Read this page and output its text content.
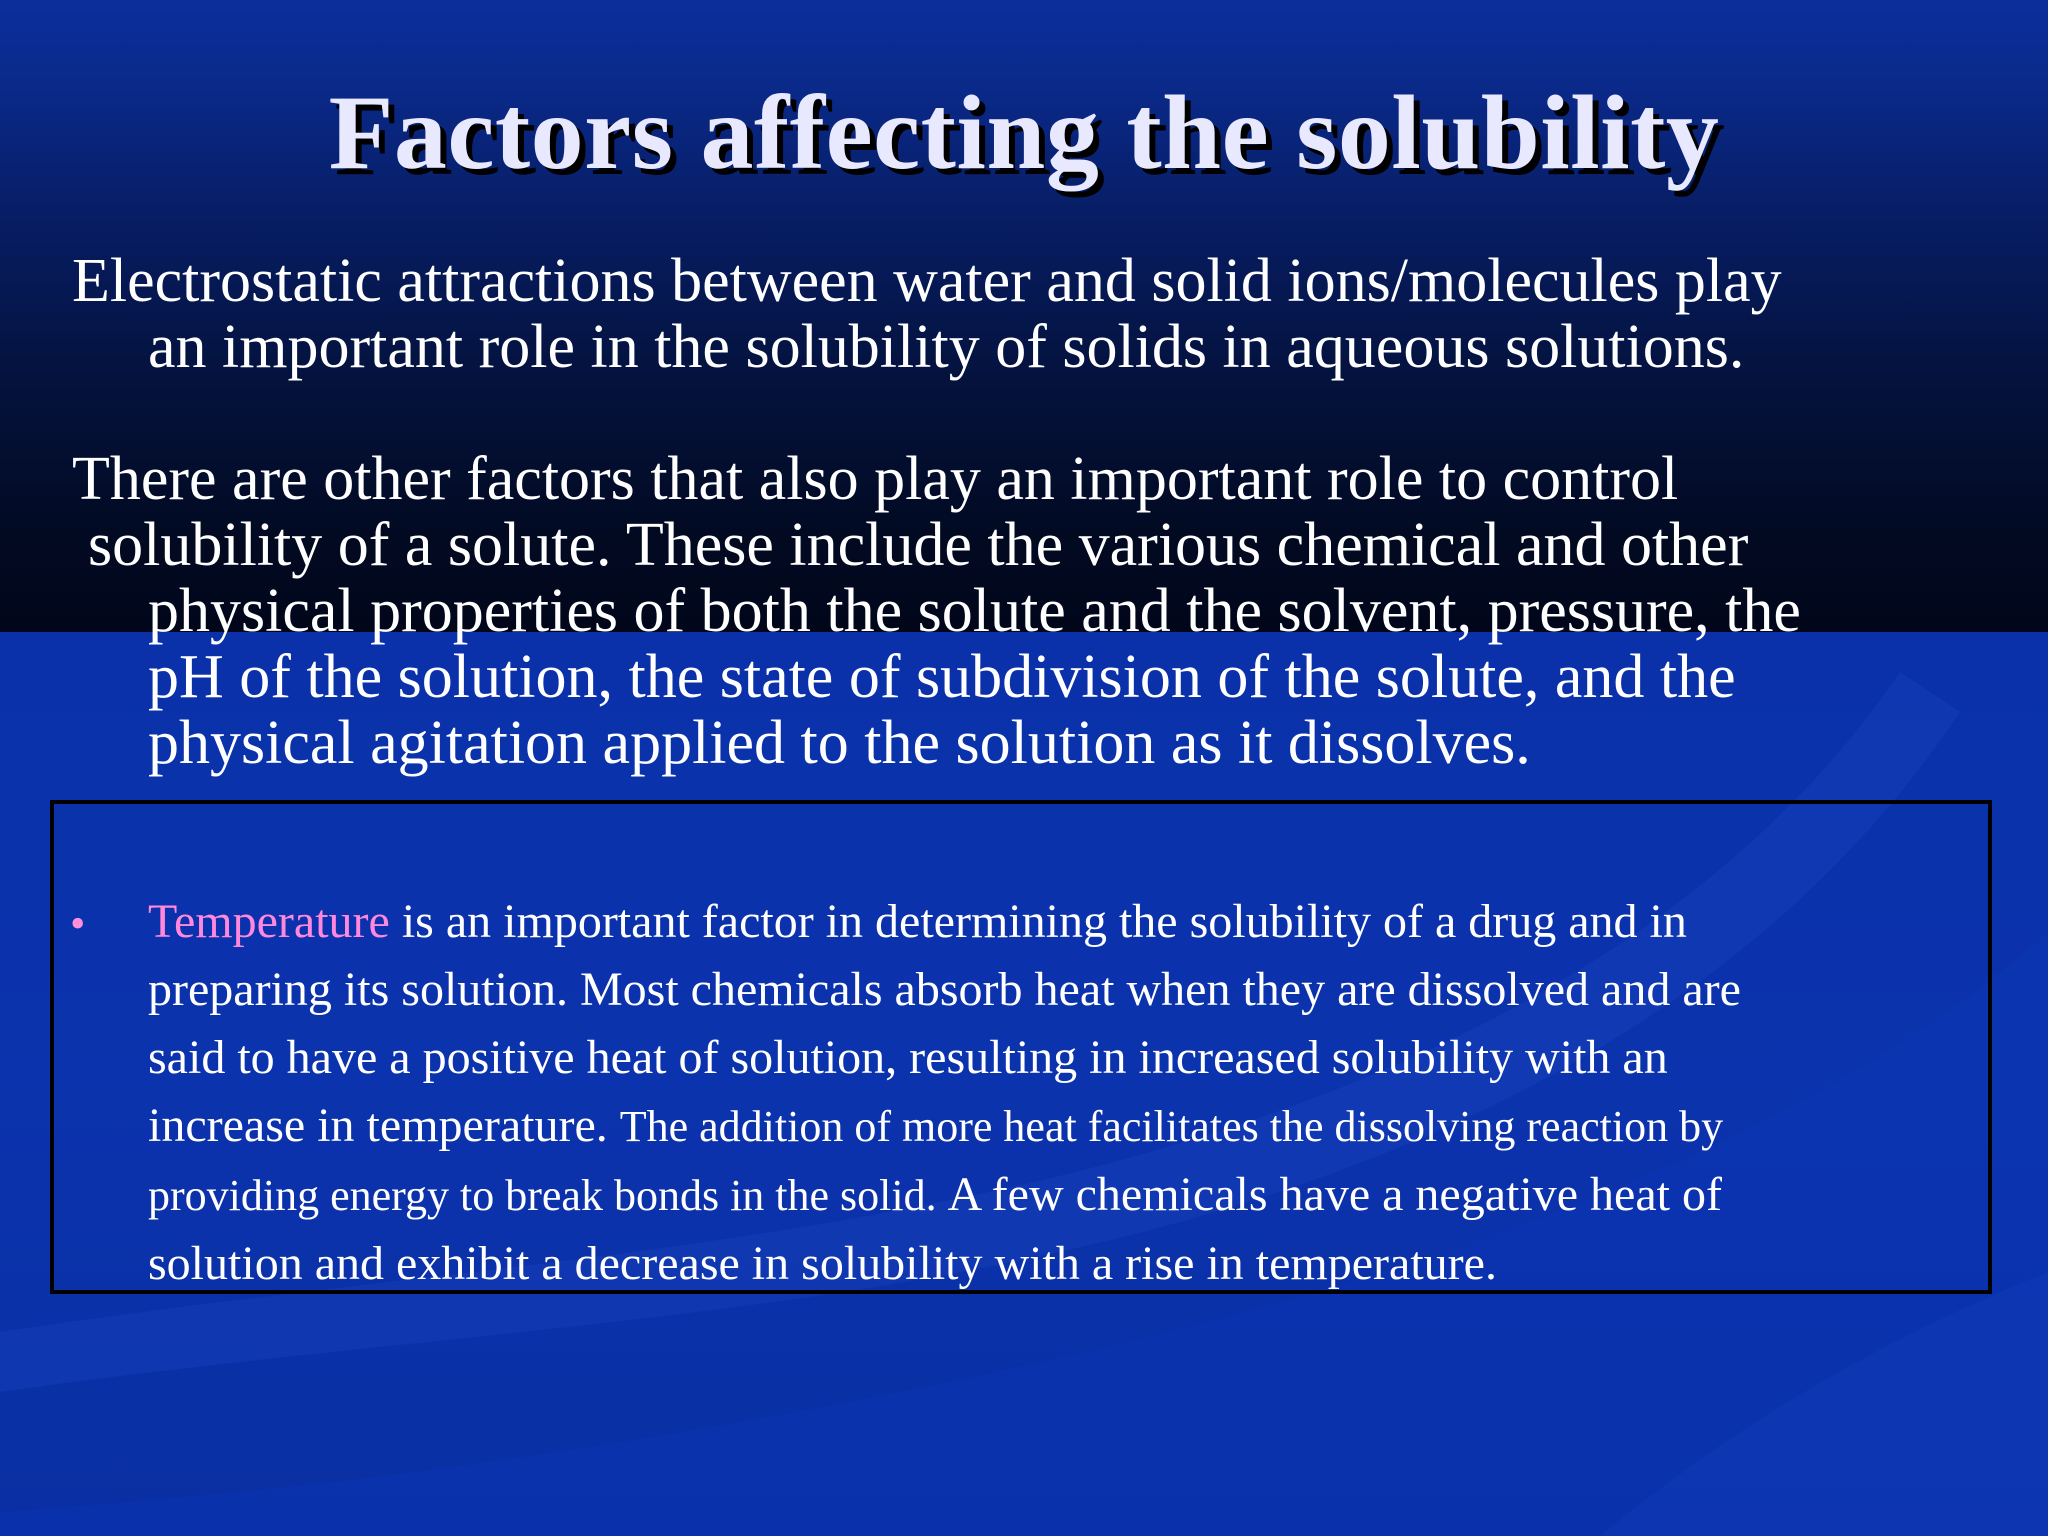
Factors affecting the solubility
Electrostatic attractions between water and solid ions/molecules play
an important role in the solubility of solids in aqueous solutions.
There are other factors that also play an important role to control
solubility of a solute. These include the various chemical and other
physical properties of both the solute and the solvent, pressure, the
pH of the solution, the state of subdivision of the solute, and the
physical agitation applied to the solution as it dissolves.
• Temperature is an important factor in determining the solubility of a drug and in
preparing its solution. Most chemicals absorb heat when they are dissolved and are
said to have a positive heat of solution, resulting in increased solubility with an
increase in temperature. The addition of more heat facilitates the dissolving reaction by
providing energy to break bonds in the solid. A few chemicals have a negative heat of
solution and exhibit a decrease in solubility with a rise in temperature.
